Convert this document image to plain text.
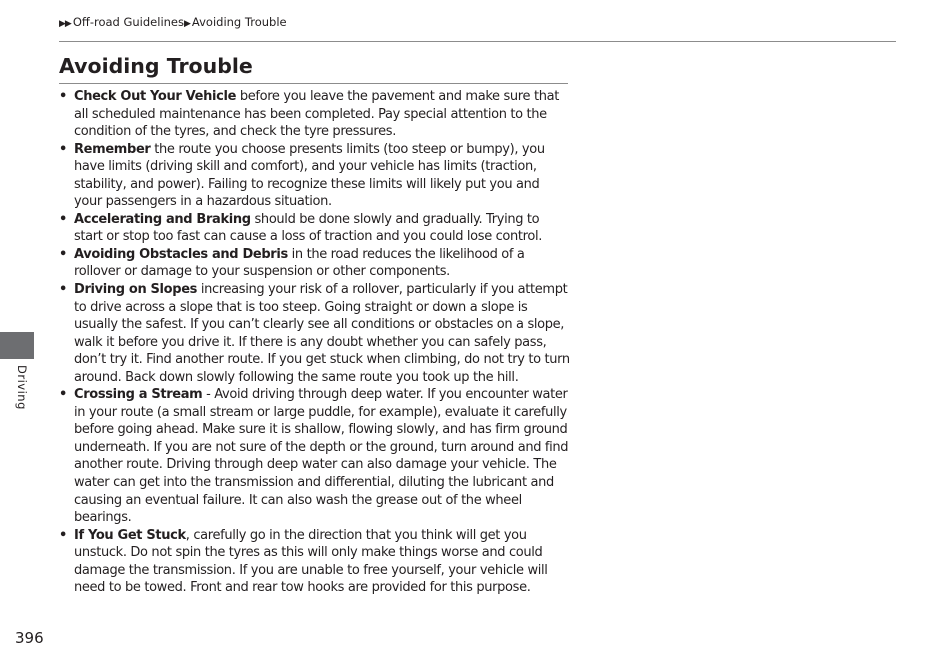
▶▶ Off-road Guidelines▶ Avoiding Trouble
Avoiding Trouble
• Check Out Your Vehicle before you leave the pavement and make sure that all scheduled maintenance has been completed. Pay special attention to the condition of the tyres, and check the tyre pressures.
• Remember the route you choose presents limits (too steep or bumpy), you have limits (driving skill and comfort), and your vehicle has limits (traction, stability, and power). Failing to recognize these limits will likely put you and your passengers in a hazardous situation.
• Accelerating and Braking should be done slowly and gradually. Trying to start or stop too fast can cause a loss of traction and you could lose control.
• Avoiding Obstacles and Debris in the road reduces the likelihood of a rollover or damage to your suspension or other components.
• Driving on Slopes increasing your risk of a rollover, particularly if you attempt to drive across a slope that is too steep. Going straight or down a slope is usually the safest. If you can’t clearly see all conditions or obstacles on a slope, walk it before you drive it. If there is any doubt whether you can safely pass, don’t try it. Find another route. If you get stuck when climbing, do not try to turn around. Back down slowly following the same route you took up the hill.
• Crossing a Stream - Avoid driving through deep water. If you encounter water in your route (a small stream or large puddle, for example), evaluate it carefully before going ahead. Make sure it is shallow, flowing slowly, and has firm ground underneath. If you are not sure of the depth or the ground, turn around and find another route. Driving through deep water can also damage your vehicle. The water can get into the transmission and differential, diluting the lubricant and causing an eventual failure. It can also wash the grease out of the wheel bearings.
• If You Get Stuck, carefully go in the direction that you think will get you unstuck. Do not spin the tyres as this will only make things worse and could damage the transmission. If you are unable to free yourself, your vehicle will need to be towed. Front and rear tow hooks are provided for this purpose.
Driving
396
